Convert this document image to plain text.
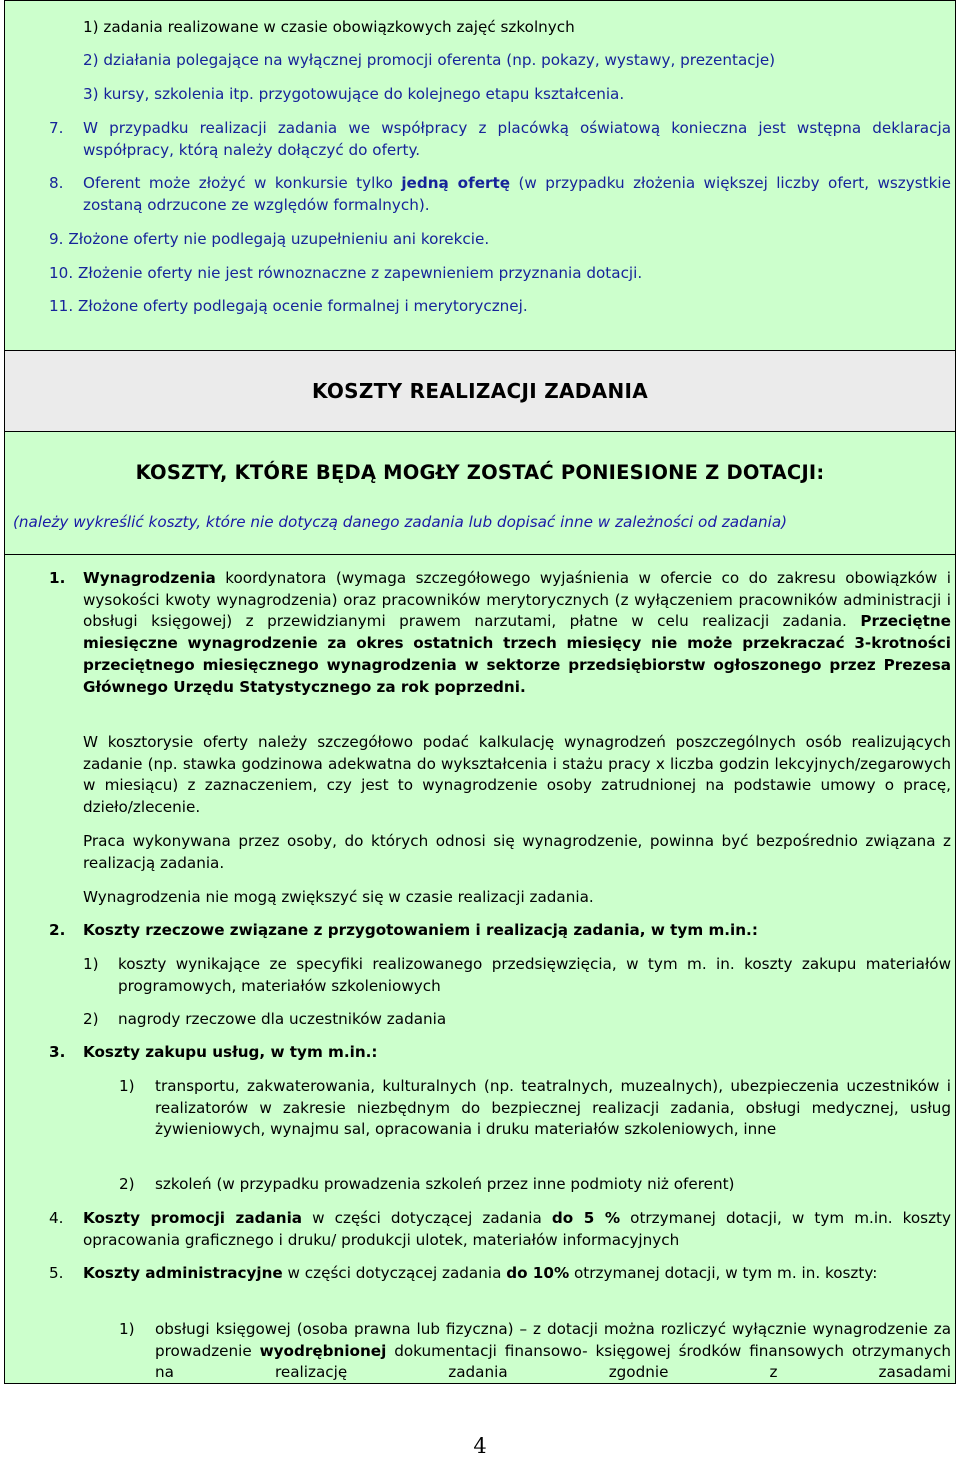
1) zadania realizowane w czasie obowiązkowych zajęć szkolnych

2) działania polegające na wyłącznej promocji oferenta (np. pokazy, wystawy, prezentacje)

3) kursy, szkolenia itp. przygotowujące do kolejnego etapu kształcenia.

7. W przypadku realizacji zadania we współpracy z placówką oświatową konieczna jest wstępna deklaracja współpracy, którą należy dołączyć do oferty.

8. Oferent może złożyć w konkursie tylko jedną ofertę (w przypadku złożenia większej liczby ofert, wszystkie zostaną odrzucone ze względów formalnych).

9. Złożone oferty nie podlegają uzupełnieniu ani korekcie.

10. Złożenie oferty nie jest równoznaczne z zapewnieniem przyznania dotacji.

11. Złożone oferty podlegają ocenie formalnej i merytorycznej.

KOSZTY REALIZACJI ZADANIA
KOSZTY, KTÓRE BĘDĄ MOGŁY ZOSTAĆ PONIESIONE Z DOTACJI:
(należy wykreślić koszty, które nie dotyczą danego zadania lub dopisać inne w zależności od zadania)
1. Wynagrodzenia koordynatora (wymaga szczegółowego wyjaśnienia w ofercie co do zakresu obowiązków i wysokości kwoty wynagrodzenia) oraz pracowników merytorycznych (z wyłączeniem pracowników administracji i obsługi księgowej) z przewidzianymi prawem narzutami, płatne w celu realizacji zadania. Przeciętne miesięczne wynagrodzenie za okres ostatnich trzech miesięcy nie może przekraczać 3-krotności przeciętnego miesięcznego wynagrodzenia w sektorze przedsiębiorstw ogłoszonego przez Prezesa Głównego Urzędu Statystycznego za rok poprzedni.

W kosztorysie oferty należy szczegółowo podać kalkulację wynagrodzeń poszczególnych osób realizujących zadanie (np. stawka godzinowa adekwatna do wykształcenia i stażu pracy x liczba godzin lekcyjnych/zegarowych w miesiącu) z zaznaczeniem, czy jest to wynagrodzenie osoby zatrudnionej na podstawie umowy o pracę, dzieło/zlecenie.

Praca wykonywana przez osoby, do których odnosi się wynagrodzenie, powinna być bezpośrednio związana z realizacją zadania.

Wynagrodzenia nie mogą zwiększyć się w czasie realizacji zadania.

2. Koszty rzeczowe związane z przygotowaniem i realizacją zadania, w tym m.in.:

1) koszty wynikające ze specyfiki realizowanego przedsięwzięcia, w tym m. in. koszty zakupu materiałów programowych, materiałów szkoleniowych

2) nagrody rzeczowe dla uczestników zadania

3. Koszty zakupu usług, w tym m.in.:

1) transportu, zakwaterowania, kulturalnych (np. teatralnych, muzealnych), ubezpieczenia uczestników i realizatorów w zakresie niezbędnym do bezpiecznej realizacji zadania, obsługi medycznej, usług żywieniowych, wynajmu sal, opracowania i druku materiałów szkoleniowych, inne

2) szkoleń (w przypadku prowadzenia szkoleń przez inne podmioty niż oferent)

4. Koszty promocji zadania w części dotyczącej zadania do 5 % otrzymanej dotacji, w tym m.in. koszty opracowania graficznego i druku/ produkcji ulotek, materiałów informacyjnych

5. Koszty administracyjne w części dotyczącej zadania do 10% otrzymanej dotacji, w tym m. in. koszty:

1) obsługi księgowej (osoba prawna lub fizyczna) – z dotacji można rozliczyć wyłącznie wynagrodzenie za prowadzenie wyodrębnionej dokumentacji finansowo- księgowej środków finansowych otrzymanych na realizację zadania zgodnie z zasadami

4
